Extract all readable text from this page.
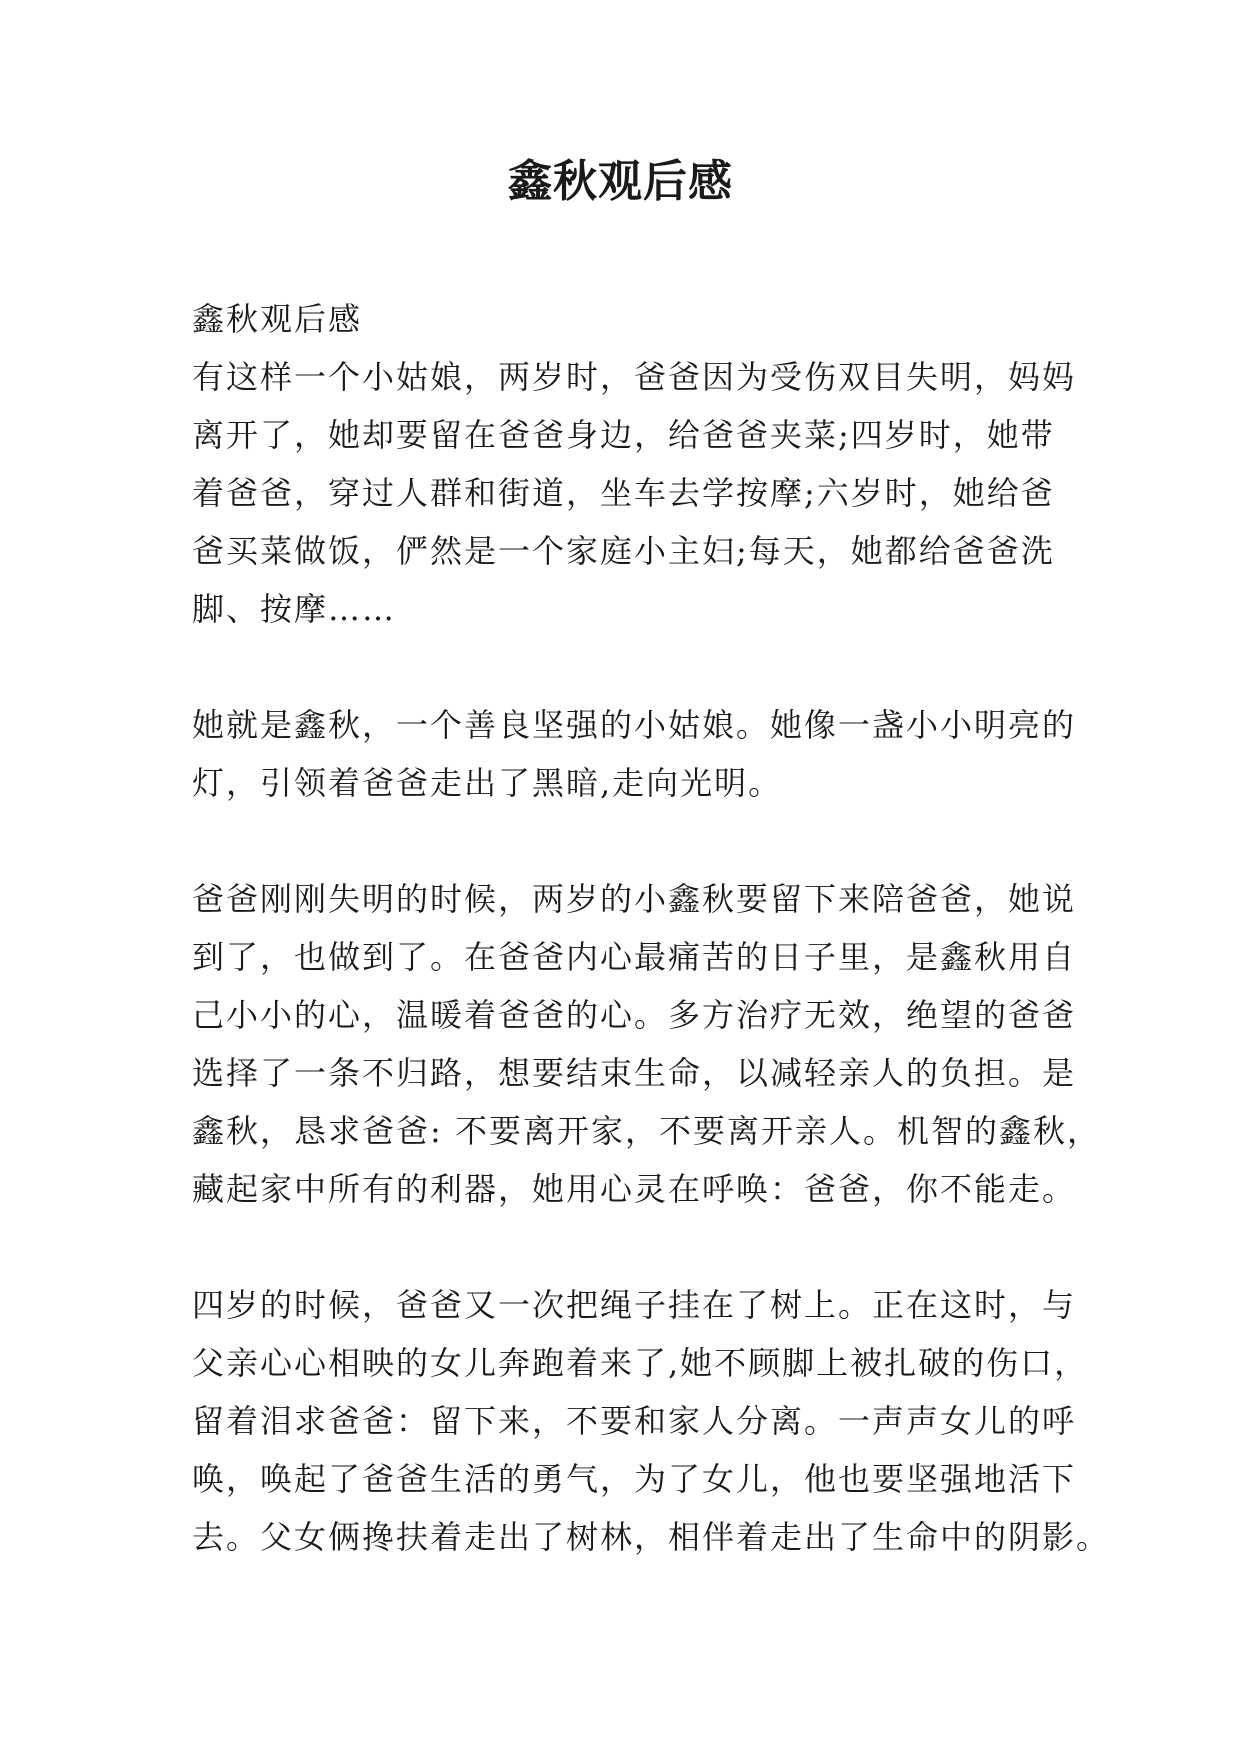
鑫秋观后感

鑫秋观后感

有这样一个小姑娘，两岁时，爸爸因为受伤双目失明，妈妈

离开了，她却要留在爸爸身边，给爸爸夹菜;四岁时，她带

着爸爸，穿过人群和街道，坐车去学按摩;六岁时，她给爸

爸买菜做饭，俨然是一个家庭小主妇;每天，她都给爸爸洗

脚、按摩……

她就是鑫秋，一个善良坚强的小姑娘。她像一盏小小明亮的

灯，引领着爸爸走出了黑暗,走向光明。

爸爸刚刚失明的时候，两岁的小鑫秋要留下来陪爸爸，她说

到了，也做到了。在爸爸内心最痛苦的日子里，是鑫秋用自

己小小的心，温暖着爸爸的心。多方治疗无效，绝望的爸爸

选择了一条不归路，想要结束生命，以减轻亲人的负担。是

鑫秋，恳求爸爸: 不要离开家，不要离开亲人。机智的鑫秋，

藏起家中所有的利器，她用心灵在呼唤：爸爸，你不能走。

四岁的时候，爸爸又一次把绳子挂在了树上。正在这时，与

父亲心心相映的女儿奔跑着来了,她不顾脚上被扎破的伤口，

留着泪求爸爸：留下来，不要和家人分离。一声声女儿的呼

唤，唤起了爸爸生活的勇气，为了女儿，他也要坚强地活下

去。父女俩搀扶着走出了树林，相伴着走出了生命中的阴影。
